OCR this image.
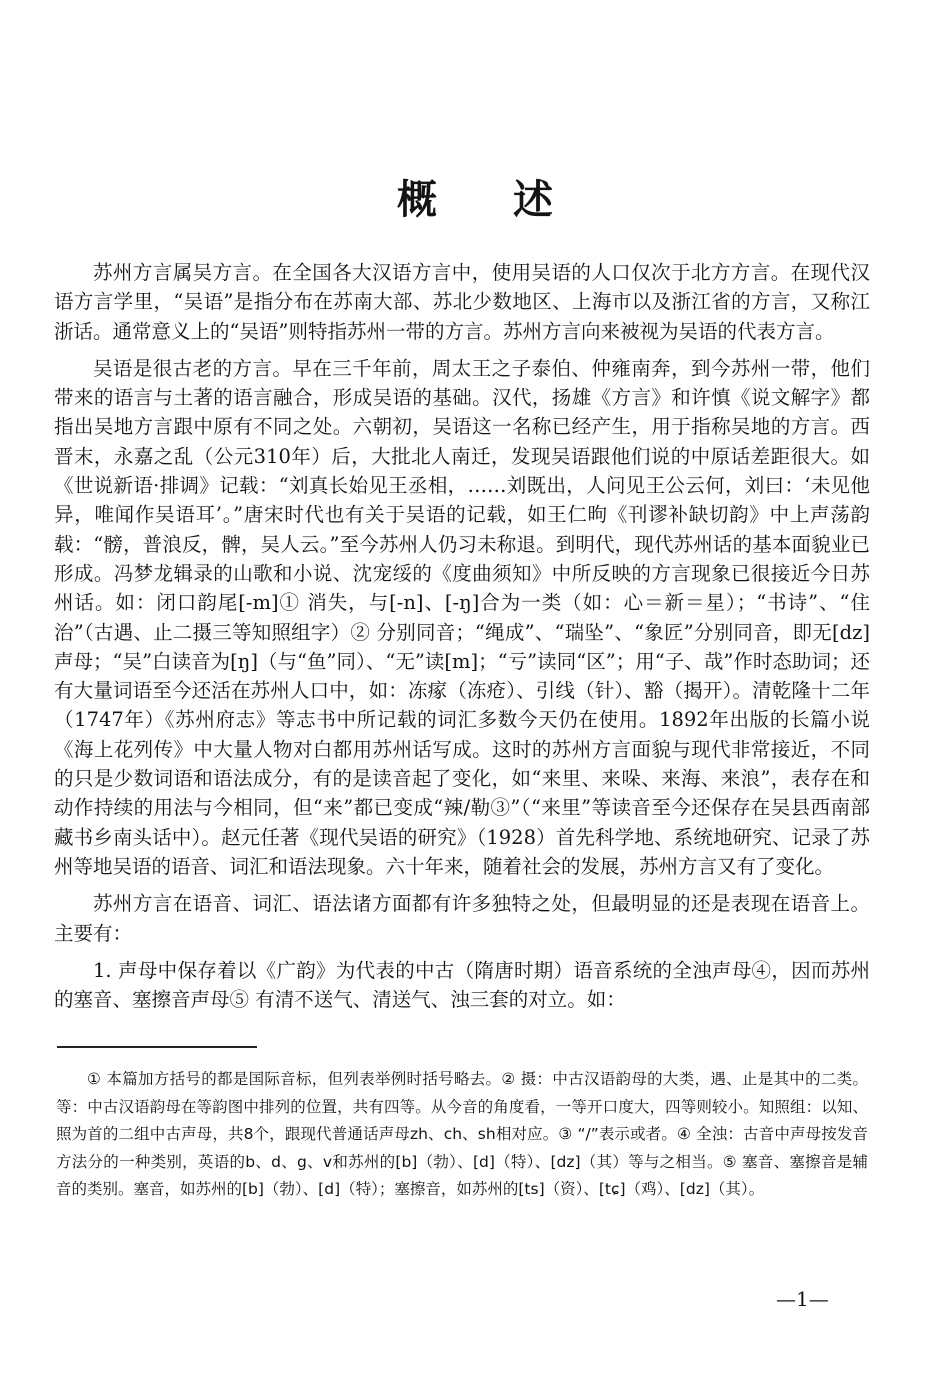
概述

苏州方言属吴方言。在全国各大汉语方言中，使用吴语的人口仅次于北方方言。在现代汉语方言学里，“吴语”是指分布在苏南大部、苏北少数地区、上海市以及浙江省的方言，又称江浙话。通常意义上的“吴语”则特指苏州一带的方言。苏州方言向来被视为吴语的代表方言。

吴语是很古老的方言。早在三千年前，周太王之子泰伯、仲雍南奔，到今苏州一带，他们带来的语言与土著的语言融合，形成吴语的基础。汉代，扬雄《方言》和许慎《说文解字》都指出吴地方言跟中原有不同之处。六朝初，吴语这一名称已经产生，用于指称吴地的方言。西晋末，永嘉之乱（公元310年）后，大批北人南迁，发现吴语跟他们说的中原话差距很大。如《世说新语·排调》记载：“刘真长始见王丞相，……刘既出，人问见王公云何，刘曰：‘未见他异，唯闻作吴语耳’。”唐宋时代也有关于吴语的记载，如王仁昫《刊谬补缺切韵》中上声荡韵载：“髈，普浪反，髀，吴人云。”至今苏州人仍习未称退。到明代，现代苏州话的基本面貌业已形成。冯梦龙辑录的山歌和小说、沈宠绥的《度曲须知》中所反映的方言现象已很接近今日苏州话。如：闭口韵尾[-m]① 消失，与[-n]、[-ŋ]合为一类（如：心＝新＝星）；“书诗”、“住治”（古遇、止二摄三等知照组字）② 分别同音；“绳成”、“瑞坠”、“象匠”分别同音，即无[dz]声母；“吴”白读音为[ŋ]（与“鱼”同）、“无”读[m]；“亏”读同“区”；用“子、哉”作时态助词；还有大量词语至今还活在苏州人口中，如：冻瘃（冻疮）、引线（针）、豁（揭开）。清乾隆十二年（1747年）《苏州府志》等志书中所记载的词汇多数今天仍在使用。1892年出版的长篇小说《海上花列传》中大量人物对白都用苏州话写成。这时的苏州方言面貌与现代非常接近，不同的只是少数词语和语法成分，有的是读音起了变化，如“来里、来哚、来海、来浪”，表存在和动作持续的用法与今相同，但“来”都已变成“辣/勒③”（“来里”等读音至今还保存在吴县西南部藏书乡南头话中）。赵元任著《现代吴语的研究》（1928）首先科学地、系统地研究、记录了苏州等地吴语的语音、词汇和语法现象。六十年来，随着社会的发展，苏州方言又有了变化。

苏州方言在语音、词汇、语法诸方面都有许多独特之处，但最明显的还是表现在语音上。主要有：

1. 声母中保存着以《广韵》为代表的中古（隋唐时期）语音系统的全浊声母④，因而苏州的塞音、塞擦音声母⑤ 有清不送气、清送气、浊三套的对立。如：

① 本篇加方括号的都是国际音标，但列表举例时括号略去。② 摄：中古汉语韵母的大类，遇、止是其中的二类。等：中古汉语韵母在等韵图中排列的位置，共有四等。从今音的角度看，一等开口度大，四等则较小。知照组：以知、照为首的二组中古声母，共8个，跟现代普通话声母zh、ch、sh相对应。③ “/”表示或者。④ 全浊：古音中声母按发音方法分的一种类别，英语的b、d、g、v和苏州的[b]（勃）、[d]（特）、[dz]（其）等与之相当。⑤ 塞音、塞擦音是辅音的类别。塞音，如苏州的[b]（勃）、[d]（特）；塞擦音，如苏州的[ts]（资）、[tɕ]（鸡）、[dz]（其）。
—1—
